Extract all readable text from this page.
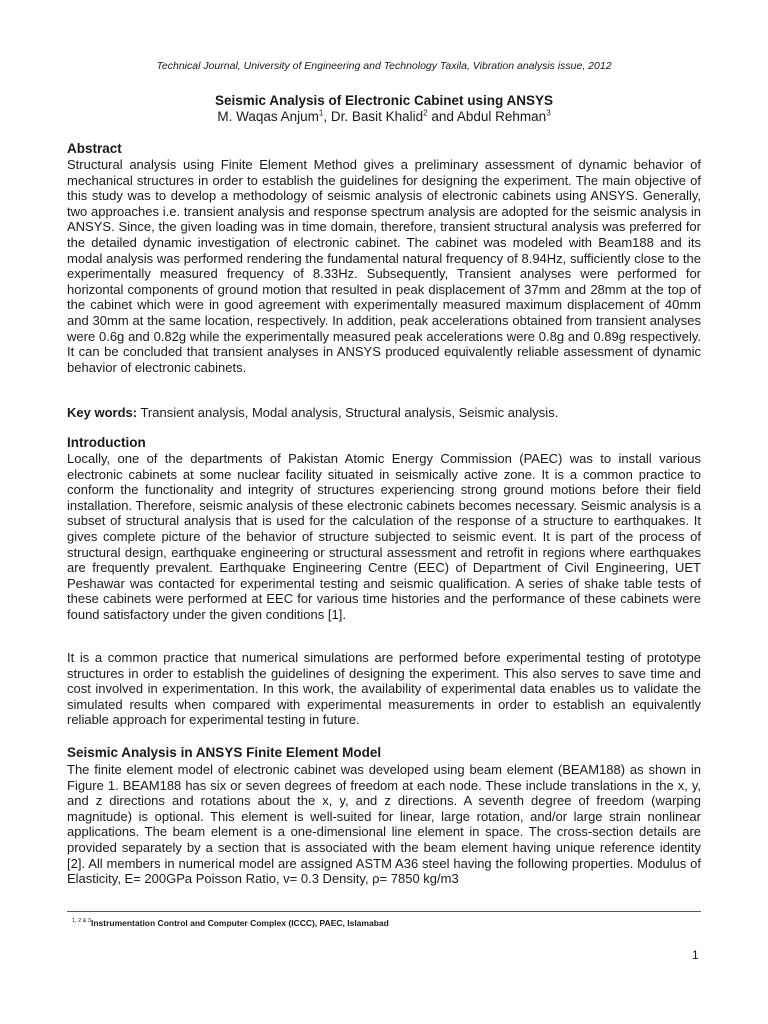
Technical Journal, University of Engineering and Technology Taxila, Vibration analysis issue, 2012
Seismic Analysis of Electronic Cabinet using ANSYS
M. Waqas Anjum$^1$, Dr. Basit Khalid$^2$ and Abdul Rehman$^3$
Abstract

Structural analysis using Finite Element Method gives a preliminary assessment of dynamic behavior of mechanical structures in order to establish the guidelines for designing the experiment. The main objective of this study was to develop a methodology of seismic analysis of electronic cabinets using ANSYS. Generally, two approaches i.e. transient analysis and response spectrum analysis are adopted for the seismic analysis in ANSYS. Since, the given loading was in time domain, therefore, transient structural analysis was preferred for the detailed dynamic investigation of electronic cabinet. The cabinet was modeled with Beam188 and its modal analysis was performed rendering the fundamental natural frequency of 8.94Hz, sufficiently close to the experimentally measured frequency of 8.33Hz. Subsequently, Transient analyses were performed for horizontal components of ground motion that resulted in peak displacement of 37mm and 28mm at the top of the cabinet which were in good agreement with experimentally measured maximum displacement of 40mm and 30mm at the same location, respectively. In addition, peak accelerations obtained from transient analyses were 0.6g and 0.82g while the experimentally measured peak accelerations were 0.8g and 0.89g respectively. It can be concluded that transient analyses in ANSYS produced equivalently reliable assessment of dynamic behavior of electronic cabinets.

Key words: Transient analysis, Modal analysis, Structural analysis, Seismic analysis.

Introduction

Locally, one of the departments of Pakistan Atomic Energy Commission (PAEC) was to install various electronic cabinets at some nuclear facility situated in seismically active zone. It is a common practice to conform the functionality and integrity of structures experiencing strong ground motions before their field installation. Therefore, seismic analysis of these electronic cabinets becomes necessary. Seismic analysis is a subset of structural analysis that is used for the calculation of the response of a structure to earthquakes. It gives complete picture of the behavior of structure subjected to seismic event. It is part of the process of structural design, earthquake engineering or structural assessment and retrofit in regions where earthquakes are frequently prevalent. Earthquake Engineering Centre (EEC) of Department of Civil Engineering, UET Peshawar was contacted for experimental testing and seismic qualification. A series of shake table tests of these cabinets were performed at EEC for various time histories and the performance of these cabinets were found satisfactory under the given conditions [1].

It is a common practice that numerical simulations are performed before experimental testing of prototype structures in order to establish the guidelines of designing the experiment. This also serves to save time and cost involved in experimentation. In this work, the availability of experimental data enables us to validate the simulated results when compared with experimental measurements in order to establish an equivalently reliable approach for experimental testing in future.

Seismic Analysis in ANSYS Finite Element Model

The finite element model of electronic cabinet was developed using beam element (BEAM188) as shown in Figure 1. BEAM188 has six or seven degrees of freedom at each node. These include translations in the x, y, and z directions and rotations about the x, y, and z directions. A seventh degree of freedom (warping magnitude) is optional. This element is well-suited for linear, large rotation, and/or large strain nonlinear applications. The beam element is a one-dimensional line element in space. The cross-section details are provided separately by a section that is associated with the beam element having unique reference identity [2]. All members in numerical model are assigned ASTM A36 steel having the following properties. Modulus of Elasticity, E= 200GPa Poisson Ratio, v= 0.3 Density, ρ= 7850 kg/m3

$^{1, 2 \& 3}$Instrumentation Control and Computer Complex (ICCC), PAEC, Islamabad
1
